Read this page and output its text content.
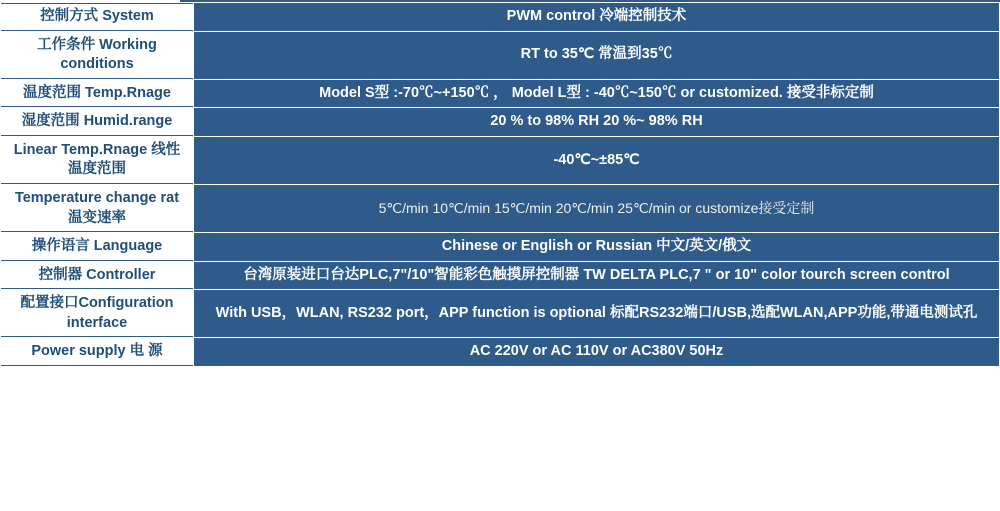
控制方式 System	PWM control 冷端控制技术
工作条件 Working conditions	RT to 35℃ 常温到35℃
温度范围 Temp.Rnage	Model S型 :-70℃~+150℃ ， Model L型 : -40℃~150℃ or customized. 接受非标定制
湿度范围 Humid.range	20 % to 98% RH 20 %~ 98% RH
Linear Temp.Rnage 线性温度范围	-40℃~±85℃
Temperature change rat 温变速率	5℃/min 10℃/min 15℃/min 20℃/min 25℃/min or customize接受定制
操作语言 Language	Chinese or English or Russian 中文/英文/俄文
控制器 Controller	台湾原装进口台达PLC,7"/10"智能彩色触摸屏控制器 TW DELTA PLC,7 " or 10" color tourch screen control
配置接口Configuration interface	With USB，WLAN, RS232 port，APP function is optional 标配RS232端口/USB,选配WLAN,APP功能,带通电测试孔
Power supply 电 源	AC 220V or AC 110V or AC380V 50Hz
